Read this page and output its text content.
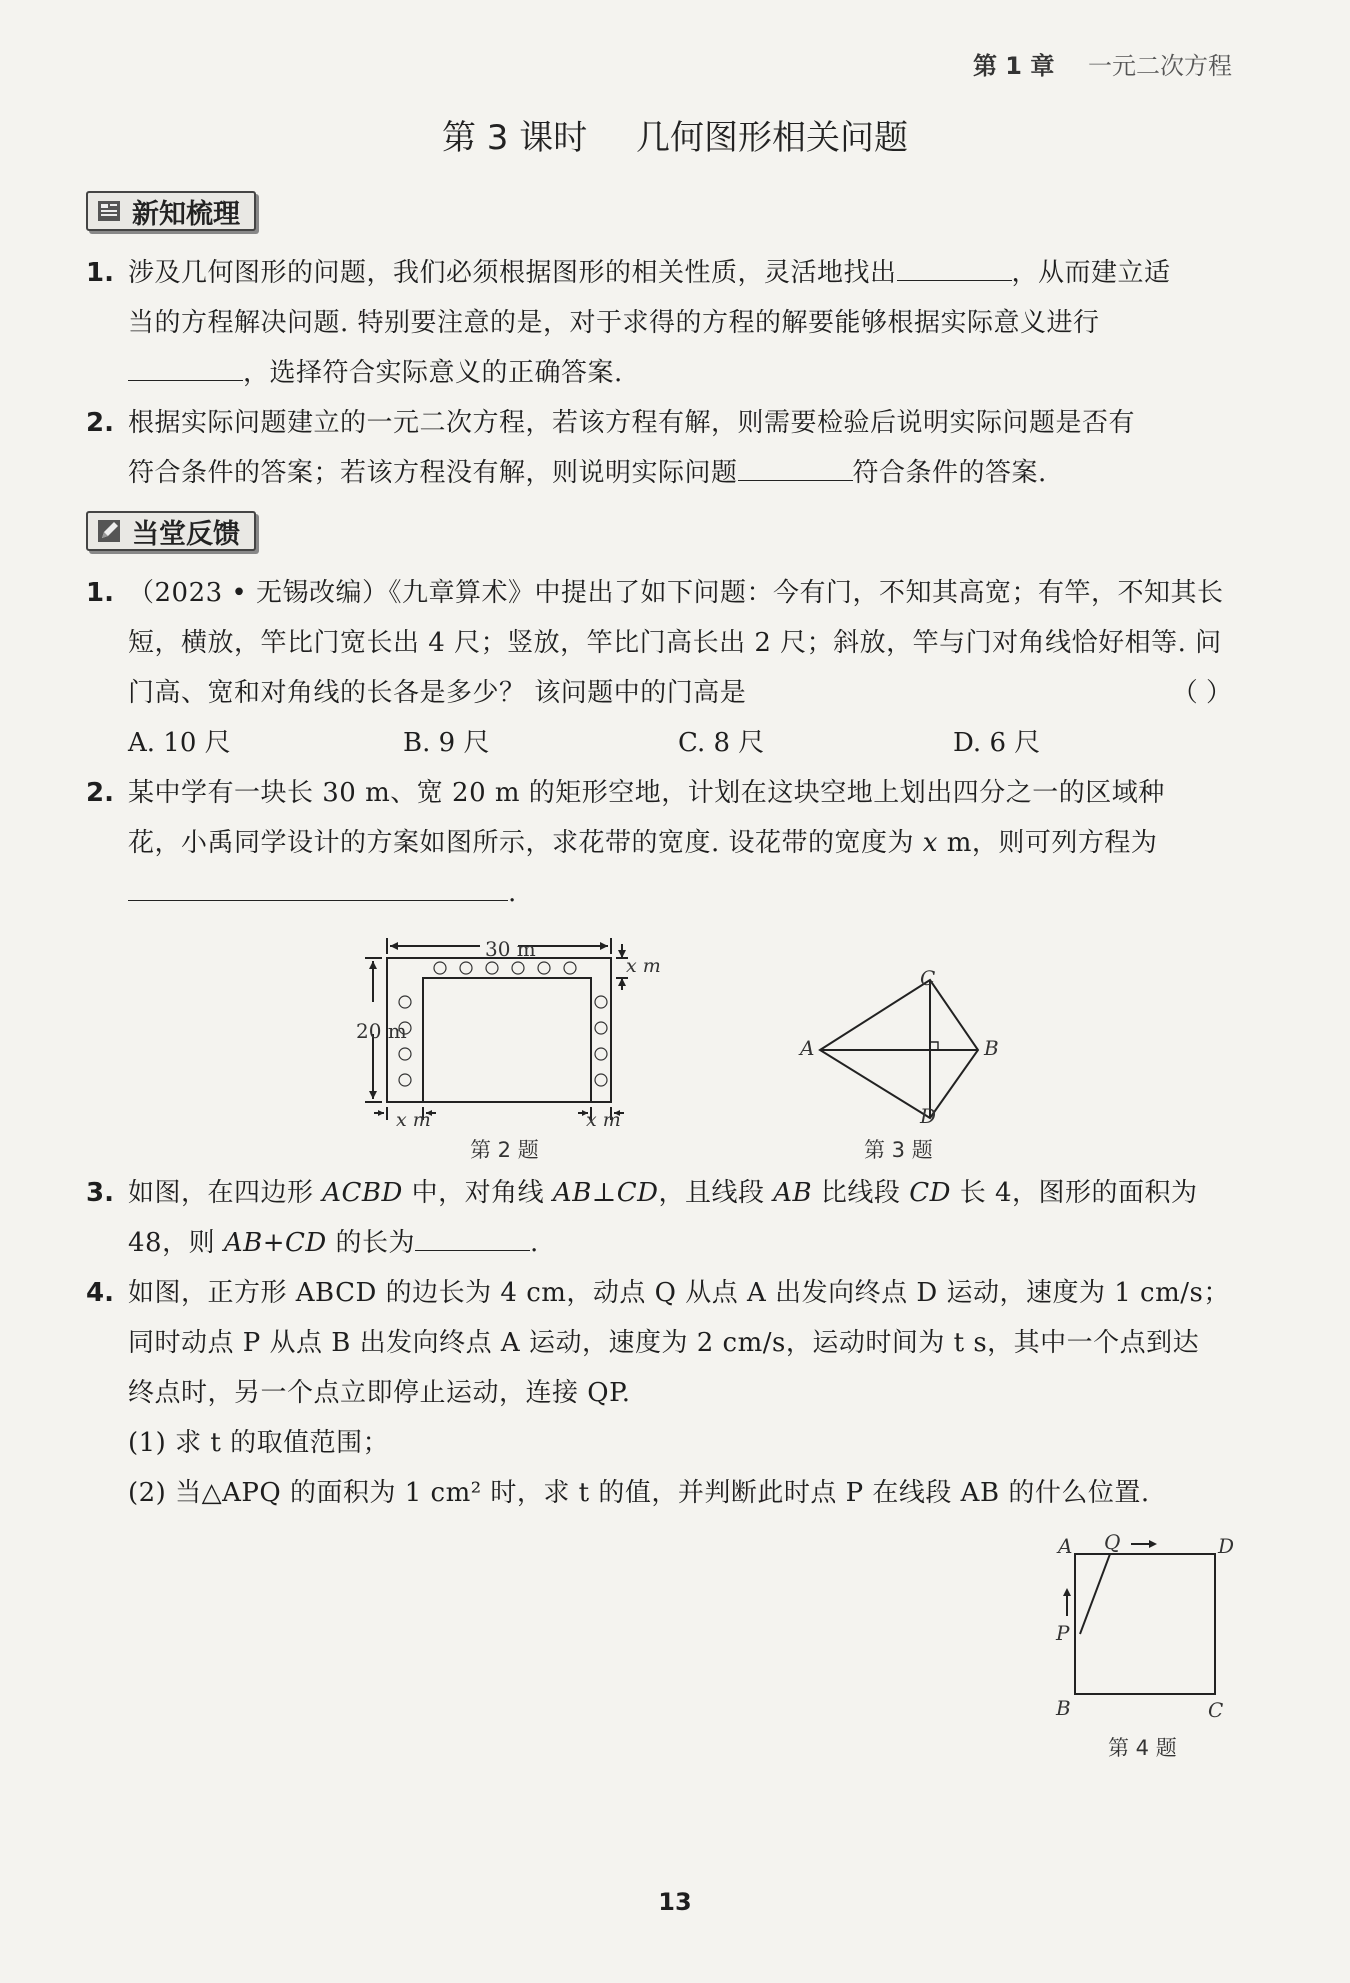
第 1 章 一元二次方程
第 3 课时 几何图形相关问题
新知梳理
1. 涉及几何图形的问题，我们必须根据图形的相关性质，灵活地找出	，从而建立适
当的方程解决问题. 特别要注意的是，对于求得的方程的解要能够根据实际意义进行
，选择符合实际意义的正确答案.
2. 根据实际问题建立的一元二次方程，若该方程有解，则需要检验后说明实际问题是否有
符合条件的答案；若该方程没有解，则说明实际问题	符合条件的答案.
当堂反馈
1. （2023 • 无锡改编）《九章算术》中提出了如下问题：今有门，不知其高宽；有竿，不知其长
短，横放，竿比门宽长出 4 尺；竖放，竿比门高长出 2 尺；斜放，竿与门对角线恰好相等. 问
门高、宽和对角线的长各是多少？ 该问题中的门高是	（ ）
A. 10 尺	B. 9 尺	C. 8 尺	D. 6 尺
2. 某中学有一块长 30 m、宽 20 m 的矩形空地，计划在这块空地上划出四分之一的区域种
花，小禹同学设计的方案如图所示，求花带的宽度. 设花带的宽度为 x m，则可列方程为
.
30 m
20 m
x m
x m	x m
第 2 题
C
A	B
D
第 3 题
3. 如图，在四边形 ACBD 中，对角线 AB⊥CD，且线段 AB 比线段 CD 长 4，图形的面积为
48，则 AB+CD 的长为	.
4. 如图，正方形 ABCD 的边长为 4 cm，动点 Q 从点 A 出发向终点 D 运动，速度为 1 cm/s；
同时动点 P 从点 B 出发向终点 A 运动，速度为 2 cm/s，运动时间为 t s，其中一个点到达
终点时，另一个点立即停止运动，连接 QP.
(1) 求 t 的取值范围；
(2) 当△APQ 的面积为 1 cm² 时，求 t 的值，并判断此时点 P 在线段 AB 的什么位置.
A Q	D
P
B	C
第 4 题
13
